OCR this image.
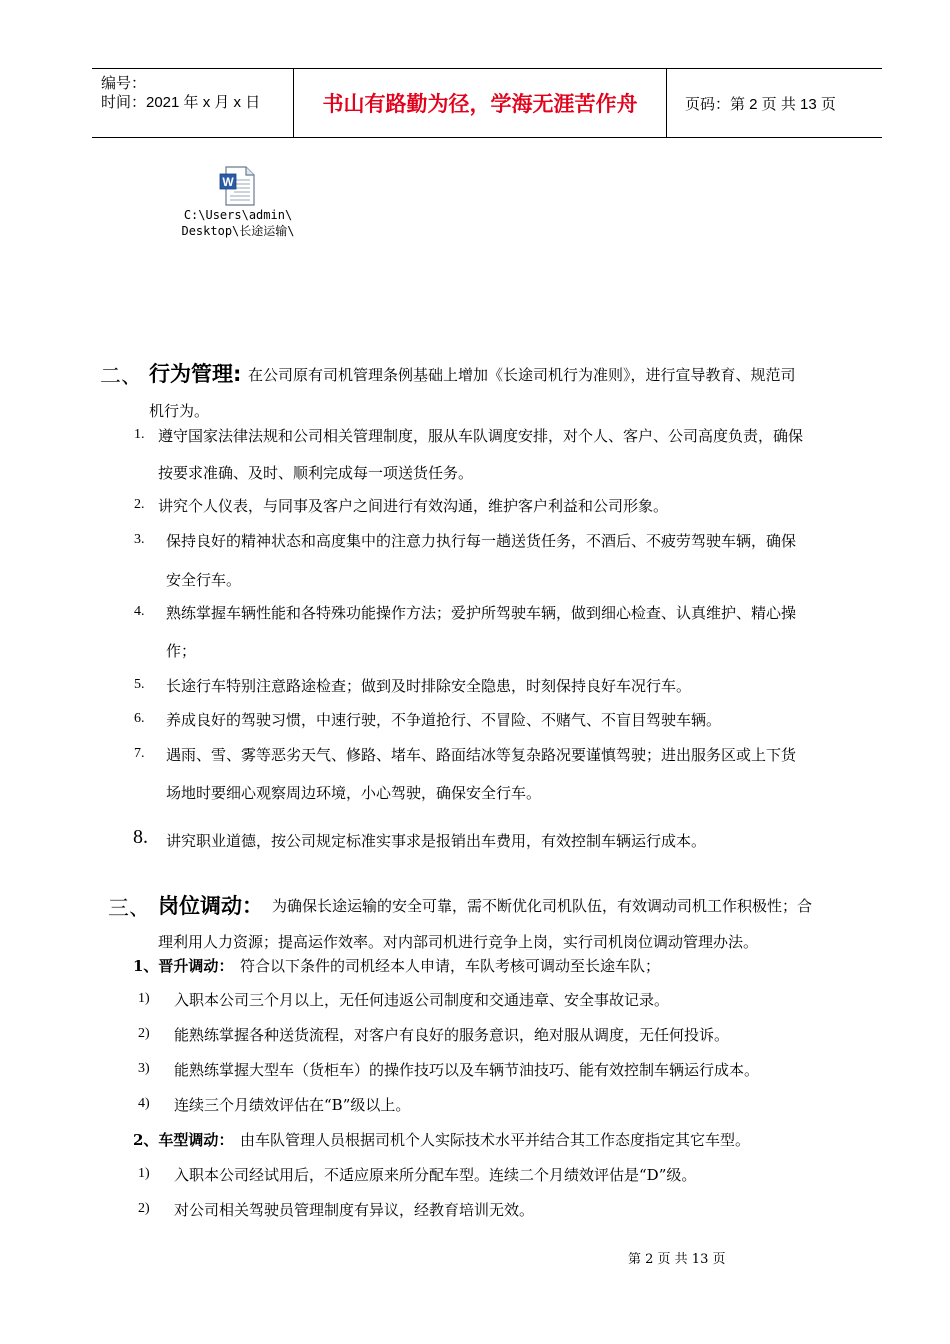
编号：
时间：2021 年 x 月 x 日	书山有路勤为径，学海无涯苦作舟	页码：第 2 页 共 13 页
W
C:\Users\admin\
Desktop\长途运输\
二、 行为管理: 在公司原有司机管理条例基础上增加《长途司机行为准则》，进行宣导教育、规范司
机行为。
1. 遵守国家法律法规和公司相关管理制度，服从车队调度安排，对个人、客户、公司高度负责，确保
按要求准确、及时、顺利完成每一项送货任务。
2. 讲究个人仪表，与同事及客户之间进行有效沟通，维护客户利益和公司形象。
3. 保持良好的精神状态和高度集中的注意力执行每一趟送货任务，不酒后、不疲劳驾驶车辆，确保
安全行车。
4. 熟练掌握车辆性能和各特殊功能操作方法；爱护所驾驶车辆，做到细心检查、认真维护、精心操
作；
5. 长途行车特别注意路途检查；做到及时排除安全隐患，时刻保持良好车况行车。
6. 养成良好的驾驶习惯，中速行驶，不争道抢行、不冒险、不赌气、不盲目驾驶车辆。
7. 遇雨、雪、雾等恶劣天气、修路、堵车、路面结冰等复杂路况要谨慎驾驶；进出服务区或上下货
场地时要细心观察周边环境，小心驾驶，确保安全行车。
8. 讲究职业道德，按公司规定标准实事求是报销出车费用，有效控制车辆运行成本。
三、 岗位调动： 为确保长途运输的安全可靠，需不断优化司机队伍，有效调动司机工作积极性；合
理利用人力资源；提高运作效率。对内部司机进行竞争上岗，实行司机岗位调动管理办法。
1、晋升调动： 符合以下条件的司机经本人申请，车队考核可调动至长途车队；
1) 入职本公司三个月以上，无任何违返公司制度和交通违章、安全事故记录。
2) 能熟练掌握各种送货流程，对客户有良好的服务意识，绝对服从调度，无任何投诉。
3) 能熟练掌握大型车（货柜车）的操作技巧以及车辆节油技巧、能有效控制车辆运行成本。
4) 连续三个月绩效评估在“B”级以上。
2、车型调动： 由车队管理人员根据司机个人实际技术水平并结合其工作态度指定其它车型。
1) 入职本公司经试用后，不适应原来所分配车型。连续二个月绩效评估是“D”级。
2) 对公司相关驾驶员管理制度有异议，经教育培训无效。
第 2 页 共 13 页
